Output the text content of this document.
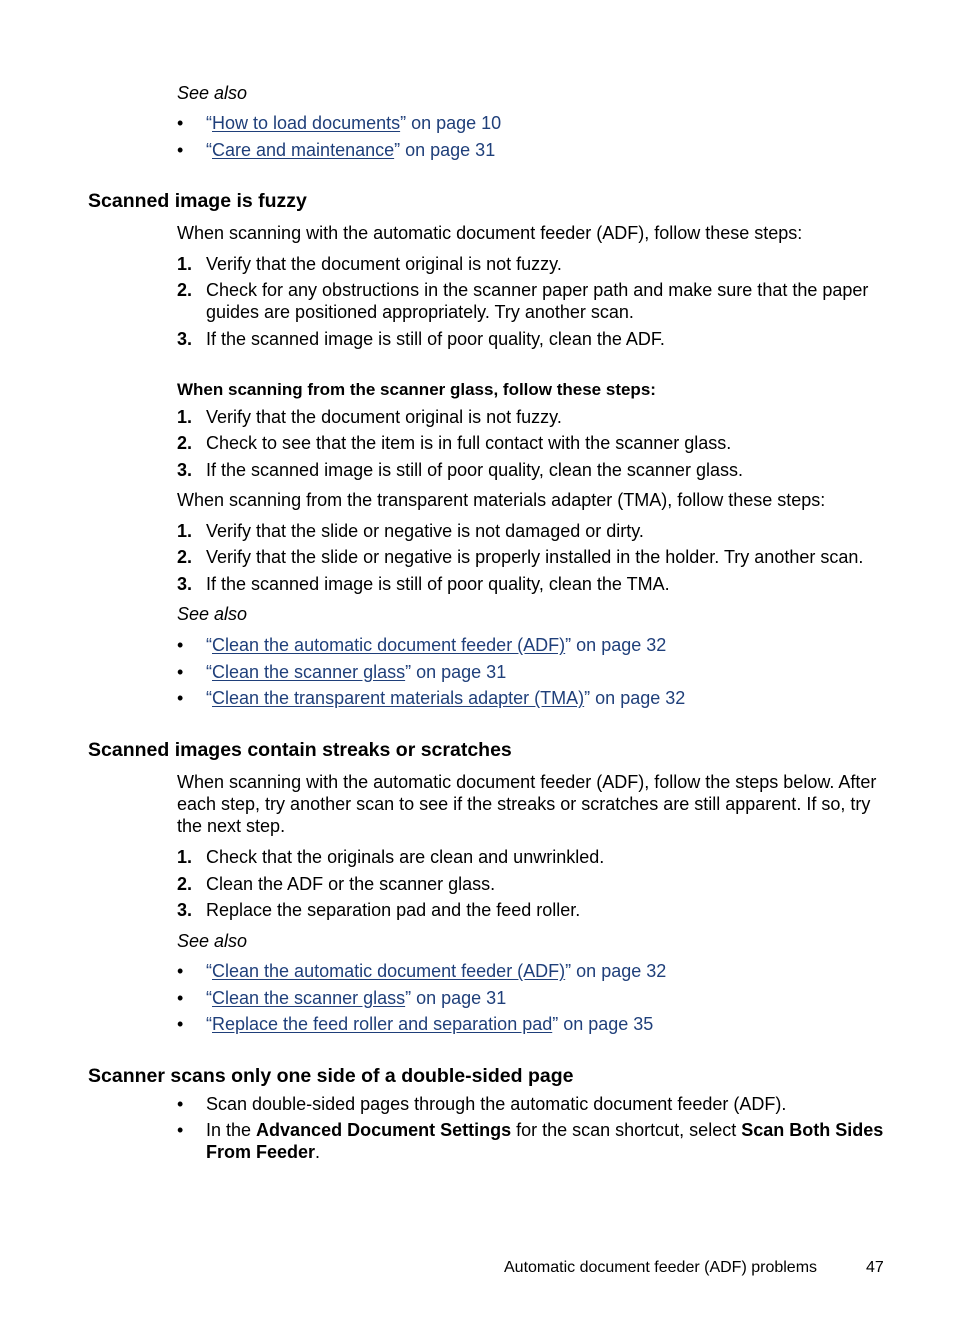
See also
• “How to load documents” on page 10
• “Care and maintenance” on page 31
Scanned image is fuzzy
When scanning with the automatic document feeder (ADF), follow these steps:
1. Verify that the document original is not fuzzy.
2. Check for any obstructions in the scanner paper path and make sure that the paper guides are positioned appropriately. Try another scan.
3. If the scanned image is still of poor quality, clean the ADF.
When scanning from the scanner glass, follow these steps:
1. Verify that the document original is not fuzzy.
2. Check to see that the item is in full contact with the scanner glass.
3. If the scanned image is still of poor quality, clean the scanner glass.
When scanning from the transparent materials adapter (TMA), follow these steps:
1. Verify that the slide or negative is not damaged or dirty.
2. Verify that the slide or negative is properly installed in the holder. Try another scan.
3. If the scanned image is still of poor quality, clean the TMA.
See also
• “Clean the automatic document feeder (ADF)” on page 32
• “Clean the scanner glass” on page 31
• “Clean the transparent materials adapter (TMA)” on page 32
Scanned images contain streaks or scratches
When scanning with the automatic document feeder (ADF), follow the steps below. After each step, try another scan to see if the streaks or scratches are still apparent. If so, try the next step.
1. Check that the originals are clean and unwrinkled.
2. Clean the ADF or the scanner glass.
3. Replace the separation pad and the feed roller.
See also
• “Clean the automatic document feeder (ADF)” on page 32
• “Clean the scanner glass” on page 31
• “Replace the feed roller and separation pad” on page 35
Scanner scans only one side of a double-sided page
• Scan double-sided pages through the automatic document feeder (ADF).
• In the Advanced Document Settings for the scan shortcut, select Scan Both Sides From Feeder.
Automatic document feeder (ADF) problems	47
